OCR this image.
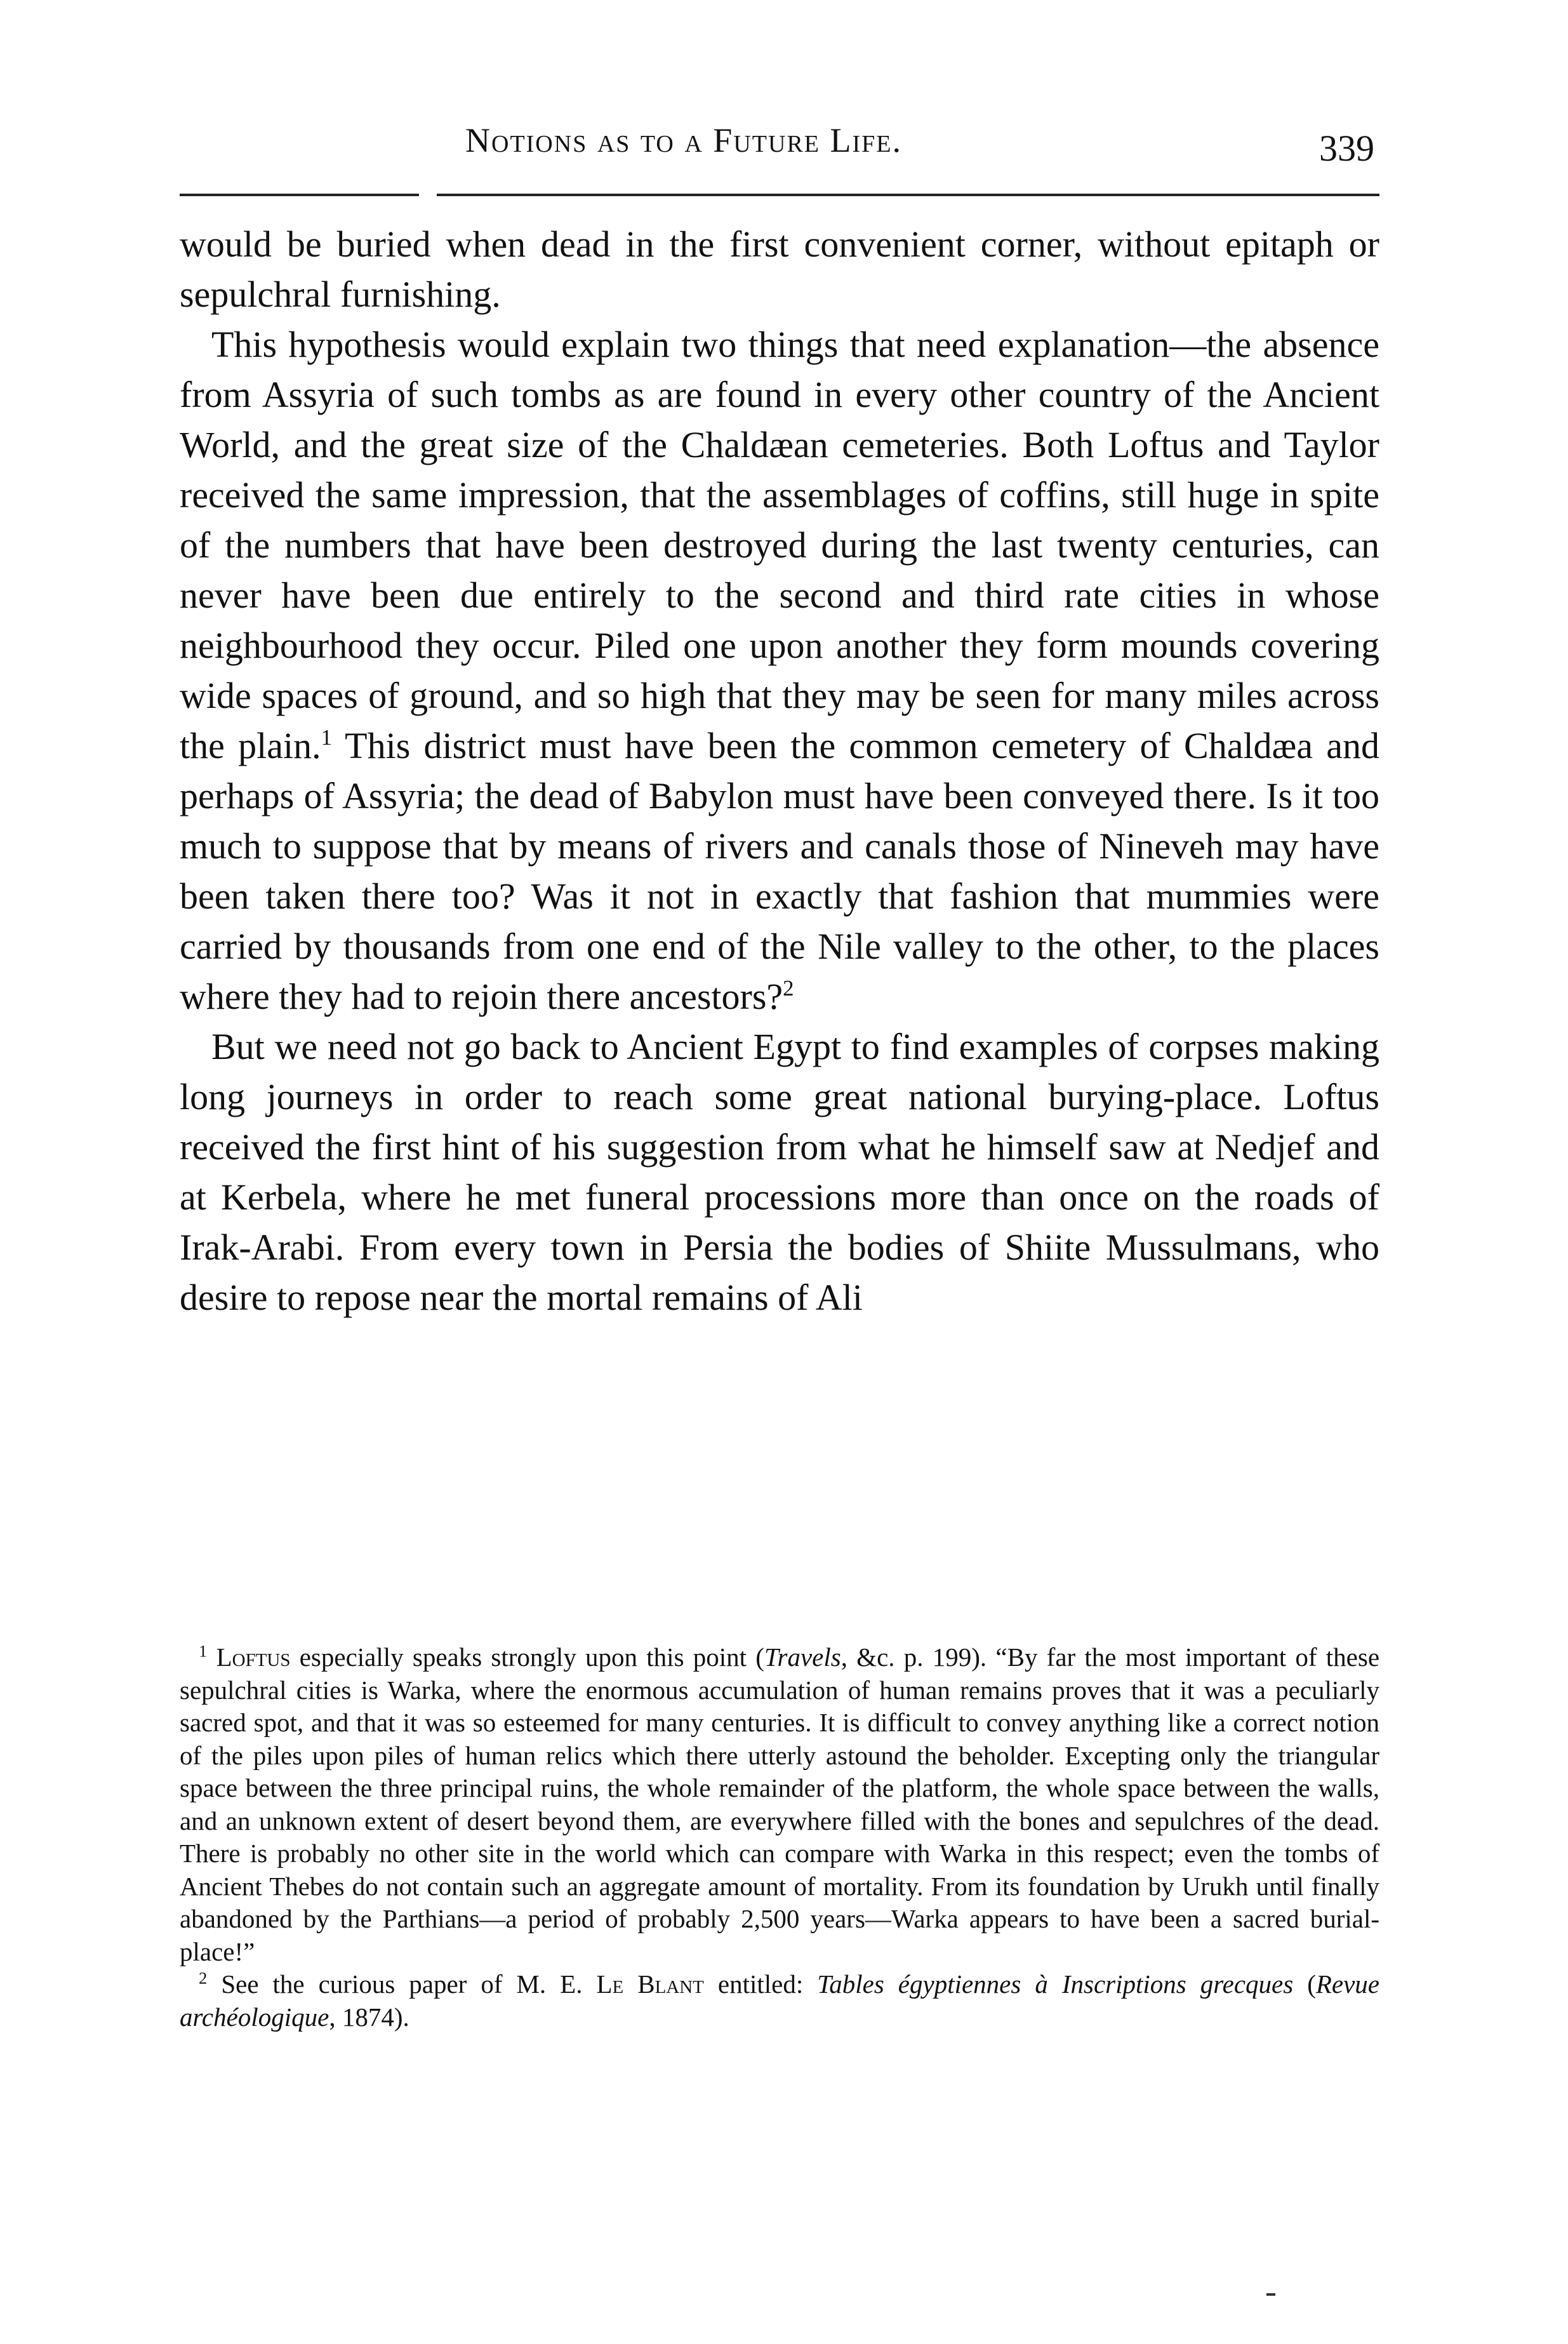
Notions as to a Future Life.	339

would be buried when dead in the first convenient corner, without epitaph or sepulchral furnishing.

This hypothesis would explain two things that need explanation—the absence from Assyria of such tombs as are found in every other country of the Ancient World, and the great size of the Chaldæan cemeteries. Both Loftus and Taylor received the same impression, that the assemblages of coffins, still huge in spite of the numbers that have been destroyed during the last twenty centuries, can never have been due entirely to the second and third rate cities in whose neighbourhood they occur. Piled one upon another they form mounds covering wide spaces of ground, and so high that they may be seen for many miles across the plain.$^1$ This district must have been the common cemetery of Chaldæa and perhaps of Assyria; the dead of Babylon must have been conveyed there. Is it too much to suppose that by means of rivers and canals those of Nineveh may have been taken there too? Was it not in exactly that fashion that mummies were carried by thousands from one end of the Nile valley to the other, to the places where they had to rejoin there ancestors?$^2$

But we need not go back to Ancient Egypt to find examples of corpses making long journeys in order to reach some great national burying-place. Loftus received the first hint of his suggestion from what he himself saw at Nedjef and at Kerbela, where he met funeral processions more than once on the roads of Irak-Arabi. From every town in Persia the bodies of Shiite Mussulmans, who desire to repose near the mortal remains of Ali

$^1$ Loftus especially speaks strongly upon this point (Travels, &c. p. 199). “By far the most important of these sepulchral cities is Warka, where the enormous accumulation of human remains proves that it was a peculiarly sacred spot, and that it was so esteemed for many centuries. It is difficult to convey anything like a correct notion of the piles upon piles of human relics which there utterly astound the beholder. Excepting only the triangular space between the three principal ruins, the whole remainder of the platform, the whole space between the walls, and an unknown extent of desert beyond them, are everywhere filled with the bones and sepulchres of the dead. There is probably no other site in the world which can compare with Warka in this respect; even the tombs of Ancient Thebes do not contain such an aggregate amount of mortality. From its foundation by Urukh until finally abandoned by the Parthians—a period of probably 2,500 years—Warka appears to have been a sacred burial-place!”

$^2$ See the curious paper of M. E. Le Blant entitled: Tables égyptiennes à Inscriptions grecques (Revue archéologique, 1874).
